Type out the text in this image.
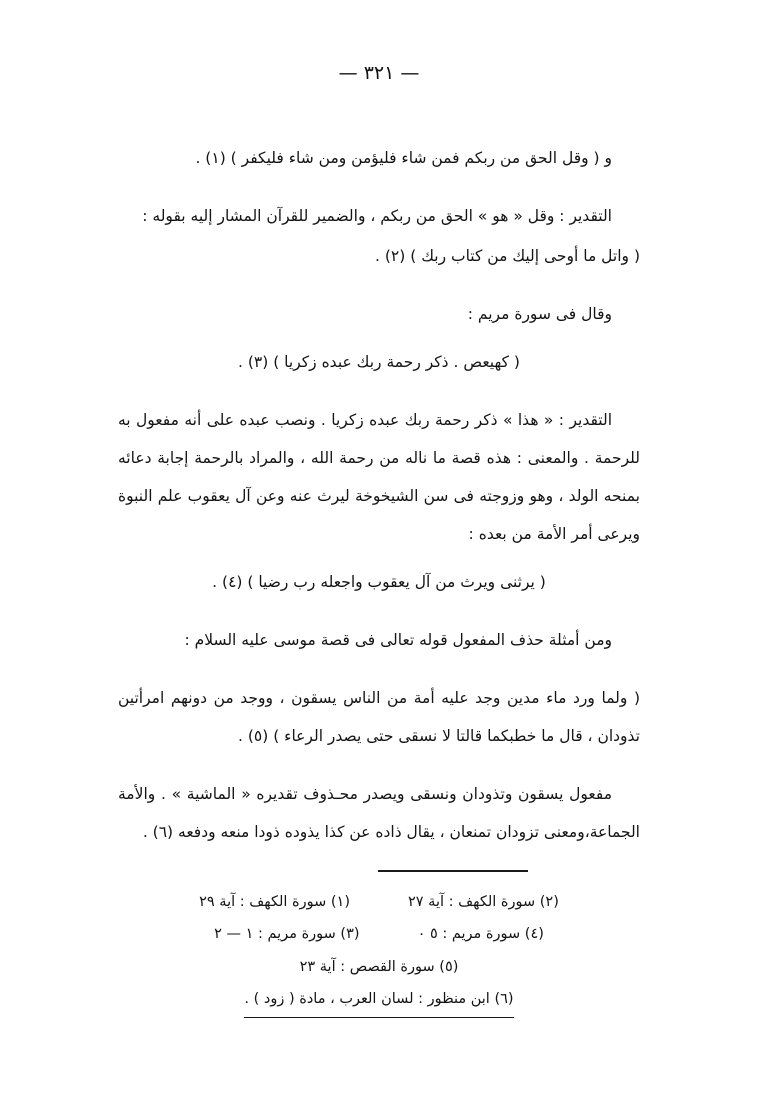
— ٣٢١ —

و ( وقل الحق من ربكم فمن شاء فليؤمن ومن شاء فليكفر ) (١) .

التقدير : وقل « هو » الحق من ربكم ، والضمير للقرآن المشار إليه بقوله :

( واتل ما أوحى إليك من كتاب ربك ) (٢) .

وقال فى سورة مريم :

( كهيعص . ذكر رحمة ربك عبده زكريا ) (٣) .

التقدير : « هذا » ذكر رحمة ربك عبده زكريا . ونصب عبده على أنه مفعول به للرحمة . والمعنى : هذه قصة ما ناله من رحمة الله ، والمراد بالرحمة إجابة دعائه بمنحه الولد ، وهو وزوجته فى سن الشيخوخة ليرث عنه وعن آل يعقوب علم النبوة ويرعى أمر الأمة من بعده :

( يرثنى ويرث من آل يعقوب واجعله رب رضيا ) (٤) .

ومن أمثلة حذف المفعول قوله تعالى فى قصة موسى عليه السلام :

( ولما ورد ماء مدين وجد عليه أمة من الناس يسقون ، ووجد من دونهم امرأتين تذودان ، قال ما خطبكما قالتا لا نسقى حتى يصدر الرعاء ) (٥) .

مفعول يسقون وتذودان ونسقى ويصدر محـذوف تقديره « الماشية » . والأمة الجماعة،ومعنى تزودان تمنعان ، يقال ذاده عن كذا يذوده ذودا منعه ودفعه (٦) .

(٢) سورة الكهف : آية ٢٧
(١) سورة الكهف : آية ٢٩
(٤) سورة مريم : ٥ ٠
(٣) سورة مريم : ١ — ٢
(٥) سورة القصص : آية ٢٣
(٦) ابن منظور : لسان العرب ، مادة ( زود ) .
